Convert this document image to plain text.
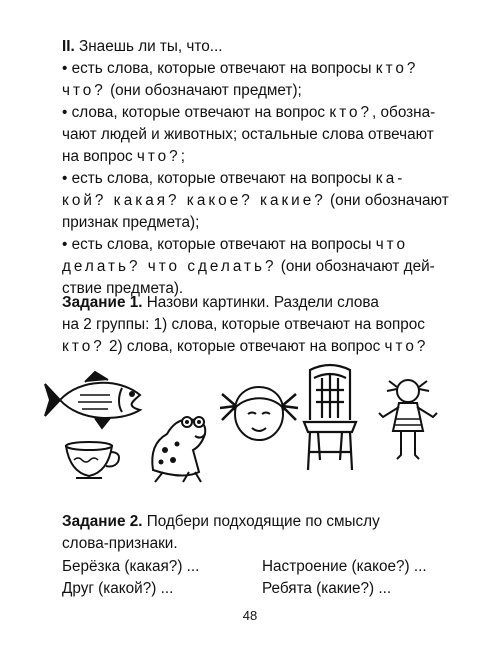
II. Знаешь ли ты, что...
• есть слова, которые отвечают на вопросы кто?
что? (они обозначают предмет);
• слова, которые отвечают на вопрос кто?, обозна-
чают людей и животных; остальные слова отвечают
на вопрос что?;
• есть слова, которые отвечают на вопросы ка-
кой? какая? какое? какие? (они обозначают
признак предмета);
• есть слова, которые отвечают на вопросы что
делать? что сделать? (они обозначают дей-
ствие предмета).
Задание 1. Назови картинки. Раздели слова
на 2 группы: 1) слова, которые отвечают на вопрос
кто? 2) слова, которые отвечают на вопрос что?
Задание 2. Подбери подходящие по смыслу
слова-признаки.
Берёзка (какая?) ...	Настроение (какое?) ...
Друг (какой?) ...	Ребята (какие?) ...
48
